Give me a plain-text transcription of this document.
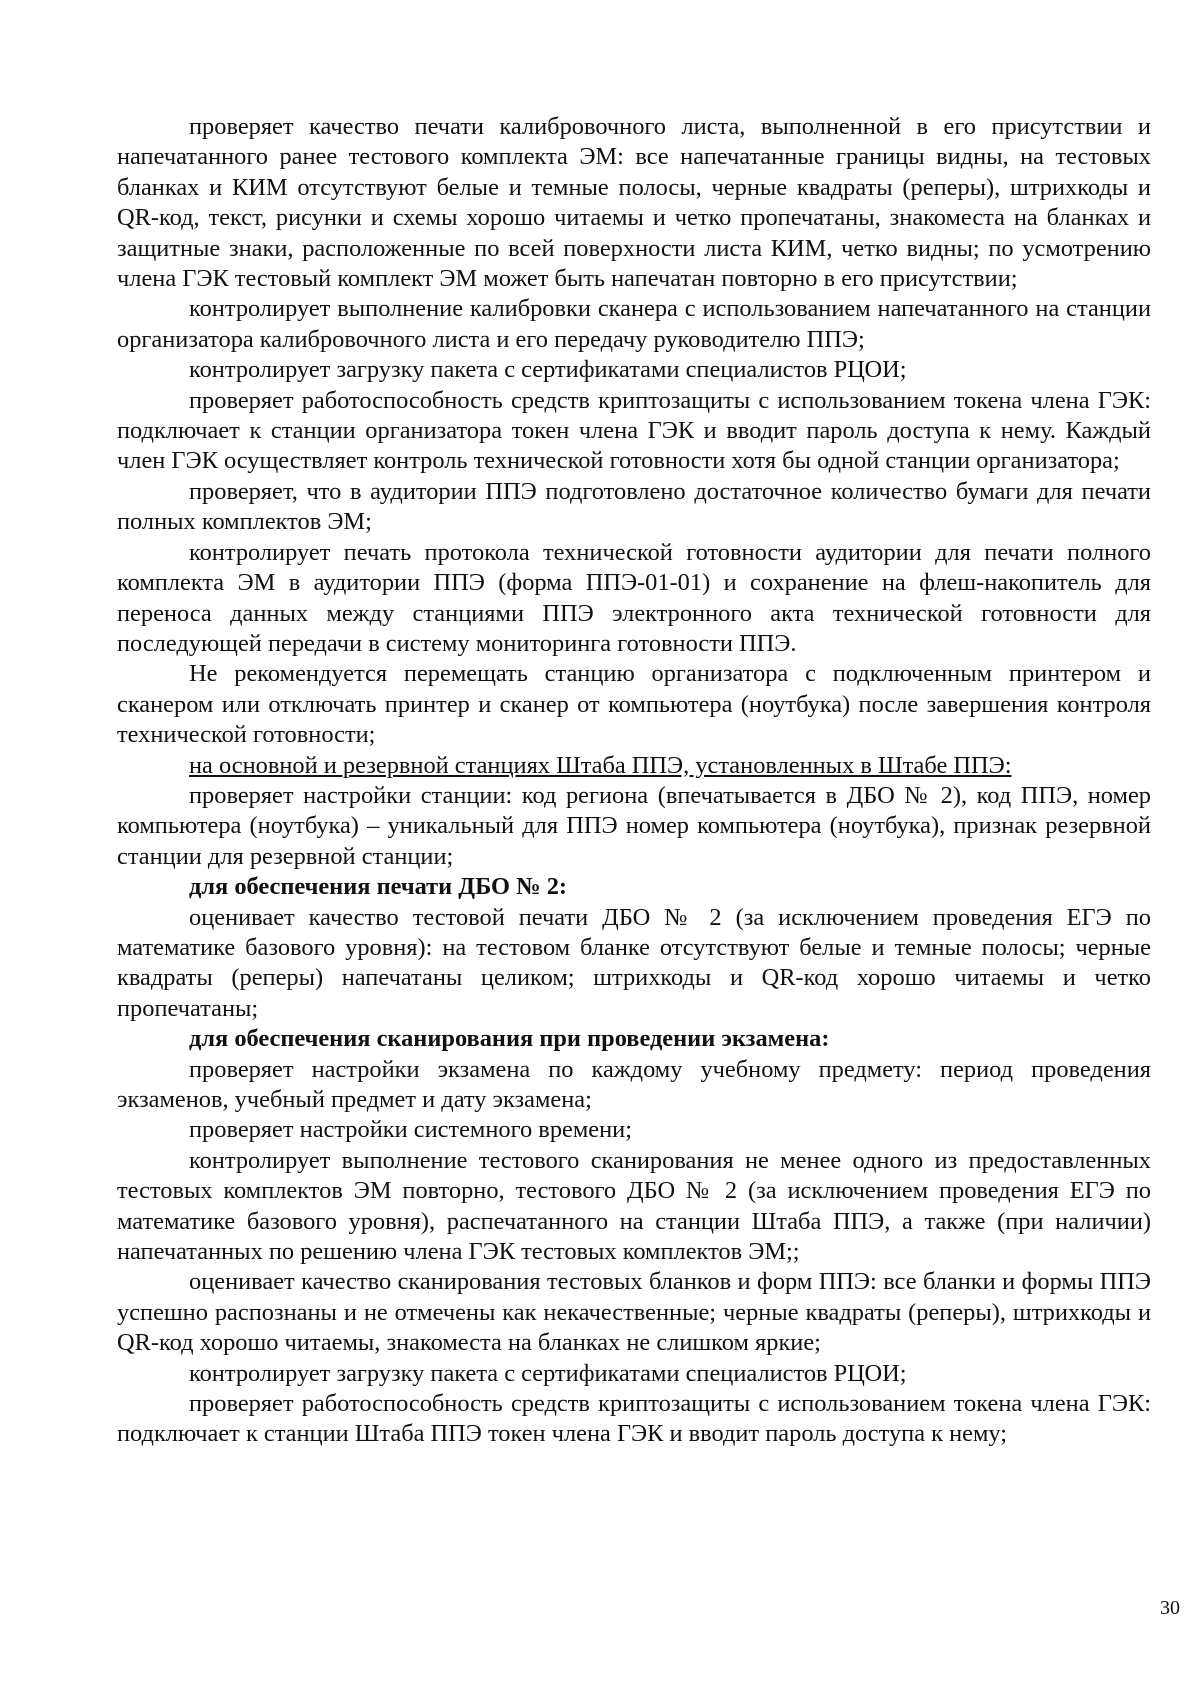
проверяет качество печати калибровочного листа, выполненной в его присутствии и напечатанного ранее тестового комплекта ЭМ: все напечатанные границы видны, на тестовых бланках и КИМ отсутствуют белые и темные полосы, черные квадраты (реперы), штрихкоды и QR-код, текст, рисунки и схемы хорошо читаемы и четко пропечатаны, знакоместа на бланках и защитные знаки, расположенные по всей поверхности листа КИМ, четко видны; по усмотрению члена ГЭК тестовый комплект ЭМ может быть напечатан повторно в его присутствии;

контролирует выполнение калибровки сканера с использованием напечатанного на станции организатора калибровочного листа и его передачу руководителю ППЭ;

контролирует загрузку пакета с сертификатами специалистов РЦОИ;

проверяет работоспособность средств криптозащиты с использованием токена члена ГЭК: подключает к станции организатора токен члена ГЭК и вводит пароль доступа к нему. Каждый член ГЭК осуществляет контроль технической готовности хотя бы одной станции организатора;

проверяет, что в аудитории ППЭ подготовлено достаточное количество бумаги для печати полных комплектов ЭМ;

контролирует печать протокола технической готовности аудитории для печати полного комплекта ЭМ в аудитории ППЭ (форма ППЭ-01-01) и сохранение на флеш-накопитель для переноса данных между станциями ППЭ электронного акта технической готовности для последующей передачи в систему мониторинга готовности ППЭ.

Не рекомендуется перемещать станцию организатора с подключенным принтером и сканером или отключать принтер и сканер от компьютера (ноутбука) после завершения контроля технической готовности;

на основной и резервной станциях Штаба ППЭ, установленных в Штабе ППЭ:

проверяет настройки станции: код региона (впечатывается в ДБО № 2), код ППЭ, номер компьютера (ноутбука) – уникальный для ППЭ номер компьютера (ноутбука), признак резервной станции для резервной станции;

для обеспечения печати ДБО № 2:

оценивает качество тестовой печати ДБО № 2 (за исключением проведения ЕГЭ по математике базового уровня): на тестовом бланке отсутствуют белые и темные полосы; черные квадраты (реперы) напечатаны целиком; штрихкоды и QR-код хорошо читаемы и четко пропечатаны;

для обеспечения сканирования при проведении экзамена:

проверяет настройки экзамена по каждому учебному предмету: период проведения экзаменов, учебный предмет и дату экзамена;

проверяет настройки системного времени;

контролирует выполнение тестового сканирования не менее одного из предоставленных тестовых комплектов ЭМ повторно, тестового ДБО № 2 (за исключением проведения ЕГЭ по математике базового уровня), распечатанного на станции Штаба ППЭ, а также (при наличии) напечатанных по решению члена ГЭК тестовых комплектов ЭМ;;

оценивает качество сканирования тестовых бланков и форм ППЭ: все бланки и формы ППЭ успешно распознаны и не отмечены как некачественные; черные квадраты (реперы), штрихкоды и QR-код хорошо читаемы, знакоместа на бланках не слишком яркие;

контролирует загрузку пакета с сертификатами специалистов РЦОИ;

проверяет работоспособность средств криптозащиты с использованием токена члена ГЭК: подключает к станции Штаба ППЭ токен члена ГЭК и вводит пароль доступа к нему;

30
